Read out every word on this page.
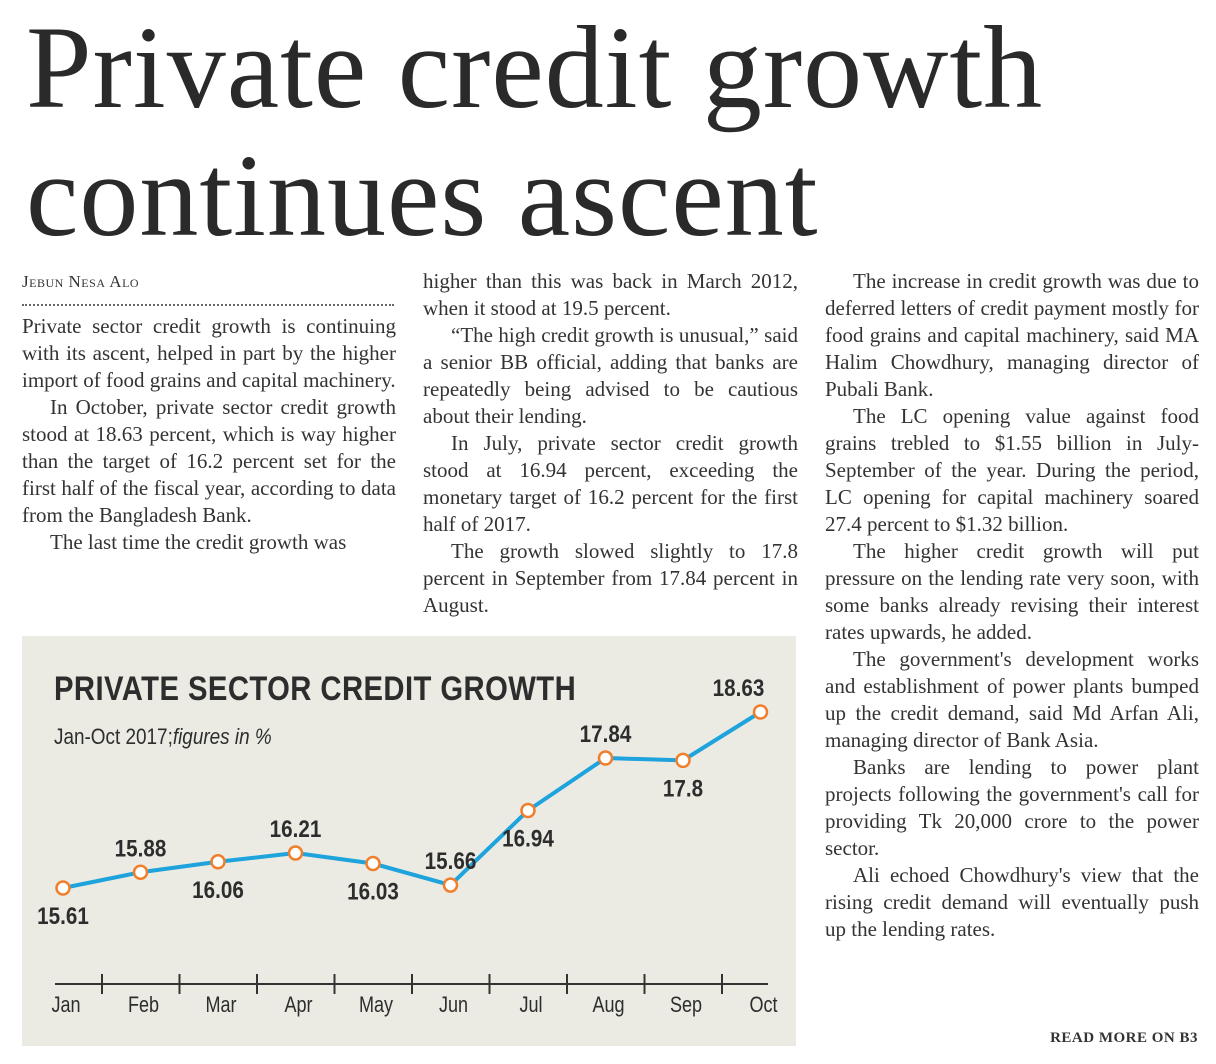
Private credit growth
continues ascent
Jebun Nesa Alo

Private sector credit growth is continuing with its ascent, helped in part by the higher import of food grains and capital machinery.

In October, private sector credit growth stood at 18.63 percent, which is way higher than the target of 16.2 percent set for the first half of the fiscal year, according to data from the Bangladesh Bank.

The last time the credit growth was

higher than this was back in March 2012, when it stood at 19.5 percent.

“The high credit growth is unusual,” said a senior BB official, adding that banks are repeatedly being advised to be cautious about their lending.

In July, private sector credit growth stood at 16.94 percent, exceeding the monetary target of 16.2 percent for the first half of 2017.

The growth slowed slightly to 17.8 percent in September from 17.84 percent in August.

The increase in credit growth was due to deferred letters of credit payment mostly for food grains and capital machinery, said MA Halim Chowdhury, managing director of Pubali Bank.

The LC opening value against food grains trebled to $1.55 billion in July-September of the year. During the period, LC opening for capital machinery soared 27.4 percent to $1.32 billion.

The higher credit growth will put pressure on the lending rate very soon, with some banks already revising their interest rates upwards, he added.

The government's development works and establishment of power plants bumped up the credit demand, said Md Arfan Ali, managing director of Bank Asia.

Banks are lending to power plant projects following the government's call for providing Tk 20,000 crore to the power sector.

Ali echoed Chowdhury's view that the rising credit demand will eventually push up the lending rates.

READ MORE ON B3
PRIVATE SECTOR CREDIT GROWTH
Jan-Oct 2017;figures in %
Jan Feb Mar Apr May Jun Jul Aug Sep Oct
15.61
15.88
16.06
16.21
16.03
15.66
16.94
17.84
17.8
18.63
